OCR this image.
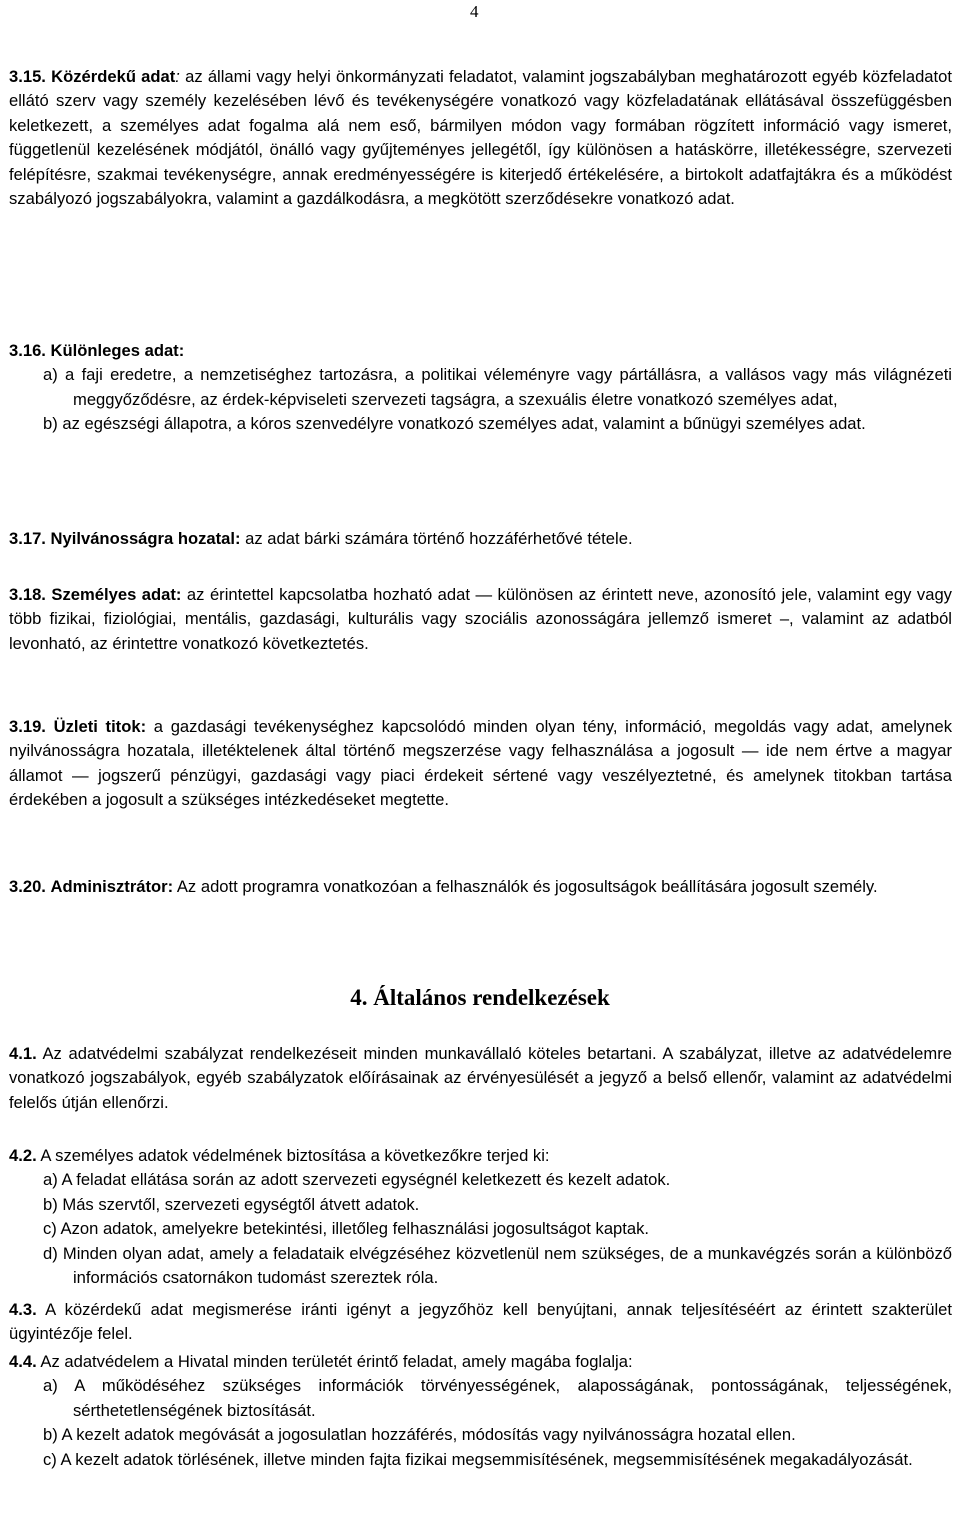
4

3.15. Közérdekű adat: az állami vagy helyi önkormányzati feladatot, valamint jogszabályban meghatározott egyéb közfeladatot ellátó szerv vagy személy kezelésében lévő és tevékenységére vonatkozó vagy közfeladatának ellátásával összefüggésben keletkezett, a személyes adat fogalma alá nem eső, bármilyen módon vagy formában rögzített információ vagy ismeret, függetlenül kezelésének módjától, önálló vagy gyűjteményes jellegétől, így különösen a hatáskörre, illetékességre, szervezeti felépítésre, szakmai tevékenységre, annak eredményességére is kiterjedő értékelésére, a birtokolt adatfajtákra és a működést szabályozó jogszabályokra, valamint a gazdálkodásra, a megkötött szerződésekre vonatkozó adat.

3.16. Különleges adat:

a) a faji eredetre, a nemzetiséghez tartozásra, a politikai véleményre vagy pártállásra, a vallásos vagy más világnézeti meggyőződésre, az érdek-képviseleti szervezeti tagságra, a szexuális életre vonatkozó személyes adat,

b) az egészségi állapotra, a kóros szenvedélyre vonatkozó személyes adat, valamint a bűnügyi személyes adat.

3.17. Nyilvánosságra hozatal: az adat bárki számára történő hozzáférhetővé tétele.

3.18. Személyes adat: az érintettel kapcsolatba hozható adat — különösen az érintett neve, azonosító jele, valamint egy vagy több fizikai, fiziológiai, mentális, gazdasági, kulturális vagy szociális azonosságára jellemző ismeret –, valamint az adatból levonható, az érintettre vonatkozó következtetés.

3.19. Üzleti titok: a gazdasági tevékenységhez kapcsolódó minden olyan tény, információ, megoldás vagy adat, amelynek nyilvánosságra hozatala, illetéktelenek által történő megszerzése vagy felhasználása a jogosult — ide nem értve a magyar államot — jogszerű pénzügyi, gazdasági vagy piaci érdekeit sértené vagy veszélyeztetné, és amelynek titokban tartása érdekében a jogosult a szükséges intézkedéseket megtette.

3.20. Adminisztrátor: Az adott programra vonatkozóan a felhasználók és jogosultságok beállítására jogosult személy.

4. Általános rendelkezések

4.1. Az adatvédelmi szabályzat rendelkezéseit minden munkavállaló köteles betartani. A szabályzat, illetve az adatvédelemre vonatkozó jogszabályok, egyéb szabályzatok előírásainak az érvényesülését a jegyző a belső ellenőr, valamint az adatvédelmi felelős útján ellenőrzi.

4.2. A személyes adatok védelmének biztosítása a következőkre terjed ki:

a) A feladat ellátása során az adott szervezeti egységnél keletkezett és kezelt adatok.

b) Más szervtől, szervezeti egységtől átvett adatok.

c) Azon adatok, amelyekre betekintési, illetőleg felhasználási jogosultságot kaptak.

d) Minden olyan adat, amely a feladataik elvégzéséhez közvetlenül nem szükséges, de a munkavégzés során a különböző információs csatornákon tudomást szereztek róla.

4.3. A közérdekű adat megismerése iránti igényt a jegyzőhöz kell benyújtani, annak teljesítéséért az érintett szakterület ügyintézője felel.

4.4. Az adatvédelem a Hivatal minden területét érintő feladat, amely magába foglalja:

a) A működéséhez szükséges információk törvényességének, alaposságának, pontosságának, teljességének, sérthetetlenségének biztosítását.

b) A kezelt adatok megóvását a jogosulatlan hozzáférés, módosítás vagy nyilvánosságra hozatal ellen.

c) A kezelt adatok törlésének, illetve minden fajta fizikai megsemmisítésének, megsemmisítésének megakadályozását.
